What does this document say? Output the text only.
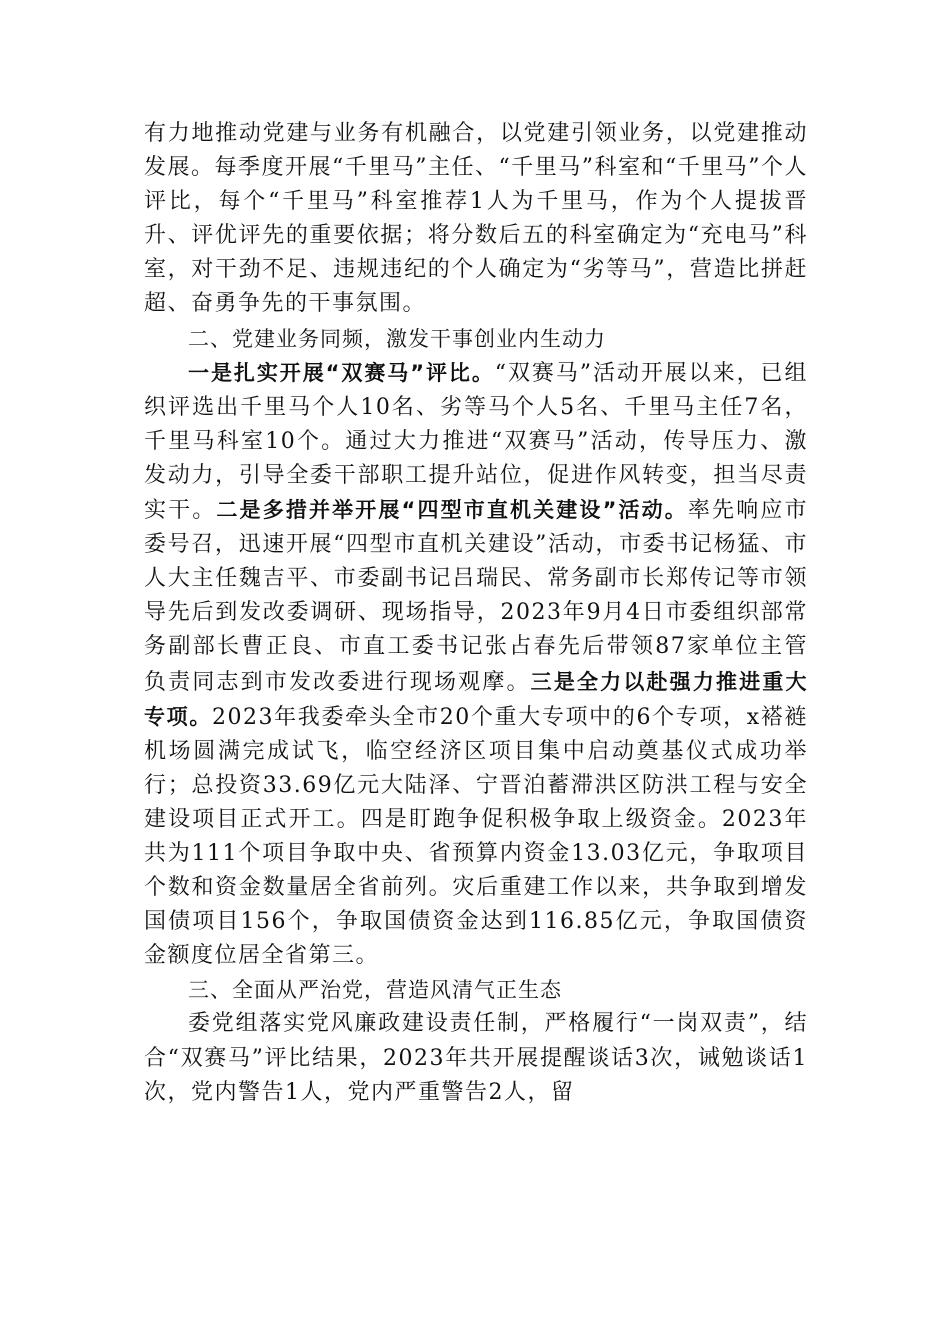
有力地推动党建与业务有机融合，以党建引领业务，以党建推动发展。每季度开展“千里马”主任、“千里马”科室和“千里马”个人评比，每个“千里马”科室推荐1人为千里马，作为个人提拔晋升、评优评先的重要依据；将分数后五的科室确定为“充电马”科室，对干劲不足、违规违纪的个人确定为“劣等马”，营造比拼赶超、奋勇争先的干事氛围。

二、党建业务同频，激发干事创业内生动力

一是扎实开展“双赛马”评比。“双赛马”活动开展以来，已组织评选出千里马个人10名、劣等马个人5名、千里马主任7名，千里马科室10个。通过大力推进“双赛马”活动，传导压力、激发动力，引导全委干部职工提升站位，促进作风转变，担当尽责实干。二是多措并举开展“四型市直机关建设”活动。率先响应市委号召，迅速开展“四型市直机关建设”活动，市委书记杨猛、市人大主任魏吉平、市委副书记吕瑞民、常务副市长郑传记等市领导先后到发改委调研、现场指导，2023年9月4日市委组织部常务副部长曹正良、市直工委书记张占春先后带领87家单位主管负责同志到市发改委进行现场观摩。三是全力以赴强力推进重大专项。2023年我委牵头全市20个重大专项中的6个专项，x褡裢机场圆满完成试飞，临空经济区项目集中启动奠基仪式成功举行；总投资33.69亿元大陆泽、宁晋泊蓄滞洪区防洪工程与安全建设项目正式开工。四是盯跑争促积极争取上级资金。2023年共为111个项目争取中央、省预算内资金13.03亿元，争取项目个数和资金数量居全省前列。灾后重建工作以来，共争取到增发国债项目156个，争取国债资金达到116.85亿元，争取国债资金额度位居全省第三。

三、全面从严治党，营造风清气正生态

委党组落实党风廉政建设责任制，严格履行“一岗双责”，结合“双赛马”评比结果，2023年共开展提醒谈话3次，诫勉谈话1次，党内警告1人，党内严重警告2人，留
